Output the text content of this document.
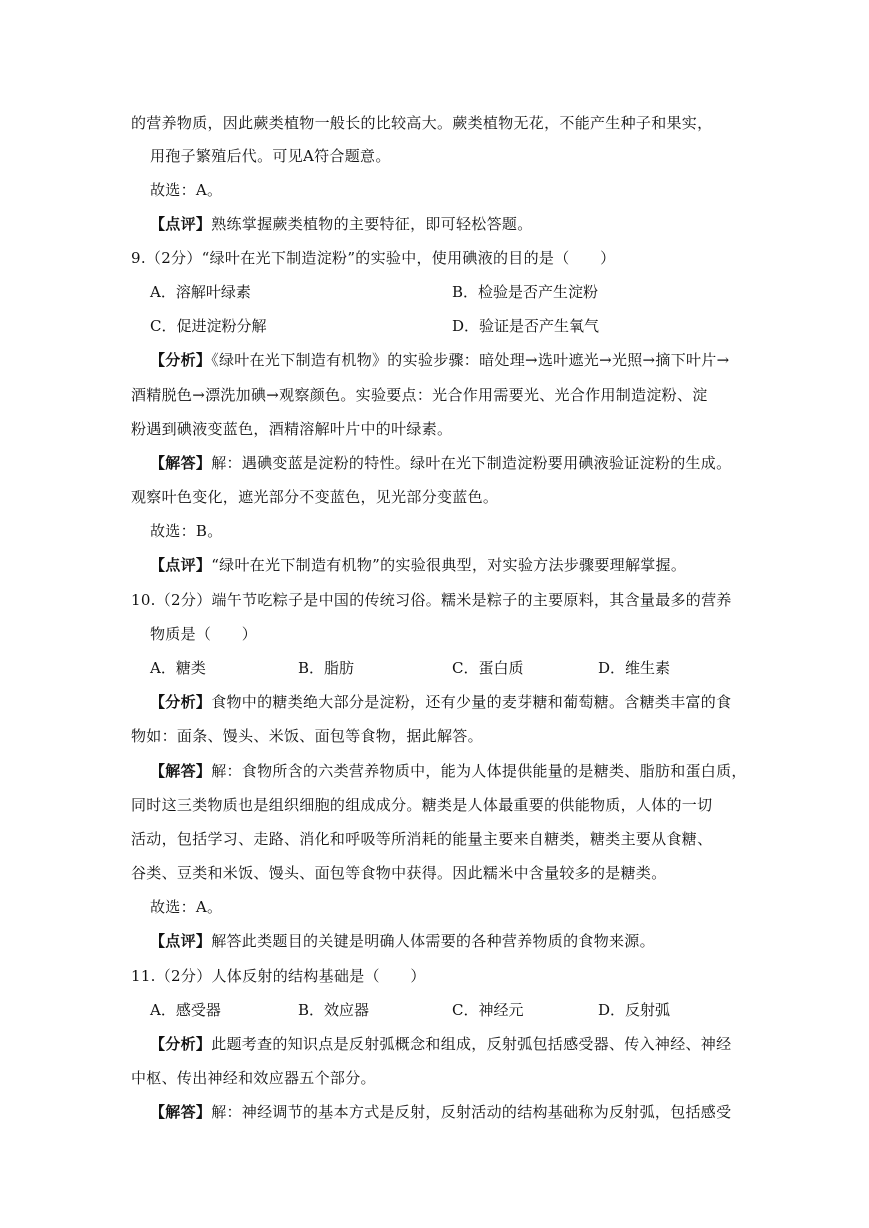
的营养物质，因此蕨类植物一般长的比较高大。蕨类植物无花，不能产生种子和果实，
用孢子繁殖后代。可见A符合题意。
故选：A。
【点评】熟练掌握蕨类植物的主要特征，即可轻松答题。
9.（2分）“绿叶在光下制造淀粉”的实验中，使用碘液的目的是（　　）
A．溶解叶绿素	B．检验是否产生淀粉
C．促进淀粉分解	D．验证是否产生氧气
【分析】《绿叶在光下制造有机物》的实验步骤：暗处理→选叶遮光→光照→摘下叶片→
酒精脱色→漂洗加碘→观察颜色。实验要点：光合作用需要光、光合作用制造淀粉、淀
粉遇到碘液变蓝色，酒精溶解叶片中的叶绿素。
【解答】解：遇碘变蓝是淀粉的特性。绿叶在光下制造淀粉要用碘液验证淀粉的生成。
观察叶色变化，遮光部分不变蓝色，见光部分变蓝色。
故选：B。
【点评】“绿叶在光下制造有机物”的实验很典型，对实验方法步骤要理解掌握。
10.（2分）端午节吃粽子是中国的传统习俗。糯米是粽子的主要原料，其含量最多的营养
物质是（　　）
A．糖类	B．脂肪	C．蛋白质	D．维生素
【分析】食物中的糖类绝大部分是淀粉，还有少量的麦芽糖和葡萄糖。含糖类丰富的食
物如：面条、馒头、米饭、面包等食物，据此解答。
【解答】解：食物所含的六类营养物质中，能为人体提供能量的是糖类、脂肪和蛋白质，
同时这三类物质也是组织细胞的组成成分。糖类是人体最重要的供能物质，人体的一切
活动，包括学习、走路、消化和呼吸等所消耗的能量主要来自糖类，糖类主要从食糖、
谷类、豆类和米饭、馒头、面包等食物中获得。因此糯米中含量较多的是糖类。
故选：A。
【点评】解答此类题目的关键是明确人体需要的各种营养物质的食物来源。
11.（2分）人体反射的结构基础是（　　）
A．感受器	B．效应器	C．神经元	D．反射弧
【分析】此题考查的知识点是反射弧概念和组成，反射弧包括感受器、传入神经、神经
中枢、传出神经和效应器五个部分。
【解答】解：神经调节的基本方式是反射，反射活动的结构基础称为反射弧，包括感受
